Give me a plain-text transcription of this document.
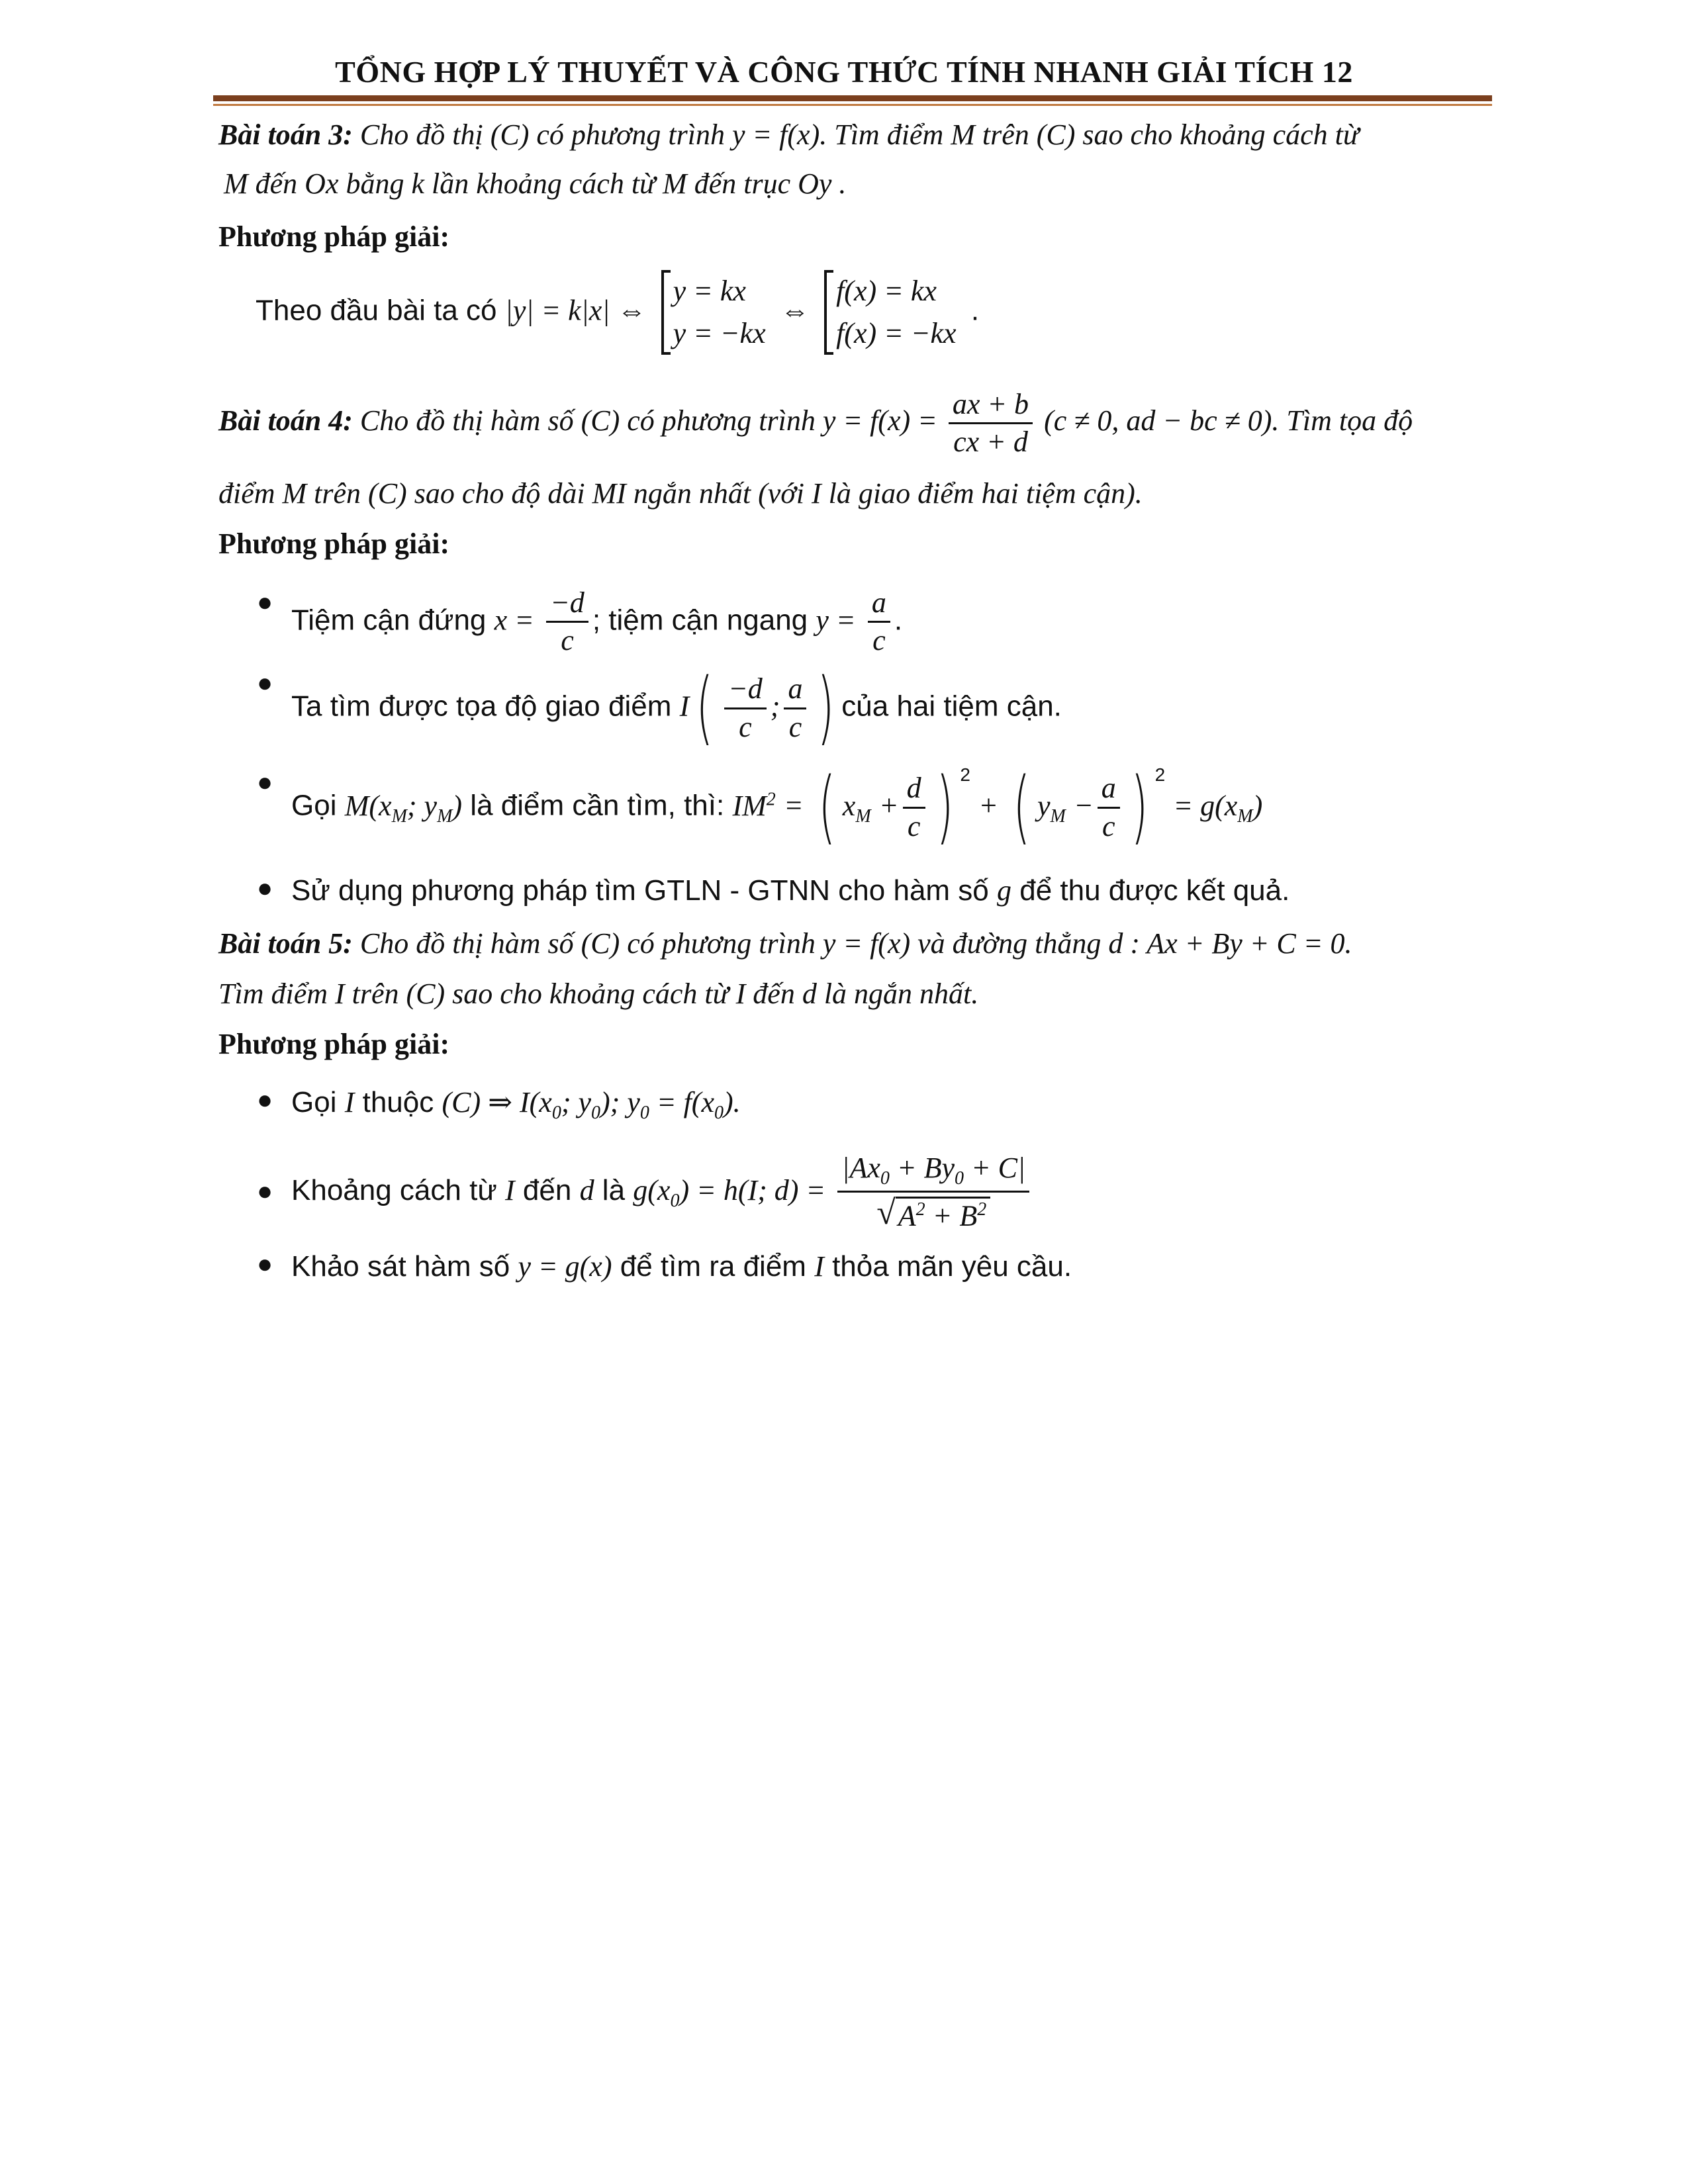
TỔNG HỢP LÝ THUYẾT VÀ CÔNG THỨC TÍNH NHANH GIẢI TÍCH 12
Bài toán 3: Cho đồ thị (C) có phương trình y = f(x). Tìm điểm M trên (C) sao cho khoảng cách từ
M đến Ox bằng k lần khoảng cách từ M đến trục Oy .
Phương pháp giải:
Theo đầu bài ta có |y| = k|x| ⇔
y = kx
y = −kx
⇔
f(x) = kx
f(x) = −kx
.
Bài toán 4: Cho đồ thị hàm số (C) có phương trình $y = f(x) = \frac{ax + b}{cx + d} (c \ne 0$, ad − bc ≠ 0). Tìm tọa độ
điểm M trên (C) sao cho độ dài MI ngắn nhất (với I là giao điểm hai tiệm cận).
Phương pháp giải:
●
Tiệm cận đứng $x = \frac{-d}{c}$ ; tiệm cận ngang $y = \frac{a}{c}$ .
●
Ta tìm được tọa độ giao điểm $I( \frac{-d}{c}$ ; $\frac{a}{c}$ ) của hai tiệm cận.
●
Gọi $M(x_M$; $y_M$) là điểm cần tìm, thì: $IM^2$ = ( $x_M + \frac{d}{c}$ ) $^2$ + ( $y_M - \frac{a}{c}$ ) $^2 = g(x_M)$
● Sử dụng phương pháp tìm GTLN - GTNN cho hàm số g để thu được kết quả.
Bài toán 5: Cho đồ thị hàm số (C) có phương trình y = f(x) và đường thẳng d : Ax + By + C = 0.
Tìm điểm I trên (C) sao cho khoảng cách từ I đến d là ngắn nhất.
Phương pháp giải:
● Gọi I thuộc (C) ⇒ $I(x_0$; $y_0$); $y_0 = f(x_0)$.
● Khoảng cách từ I đến d là $g(x_0) = h(I$; $d) = \frac{|Ax_0 + By_0 + C|}{√ A^2 + B^2}$
● Khảo sát hàm số y = g(x) để tìm ra điểm I thỏa mãn yêu cầu.
